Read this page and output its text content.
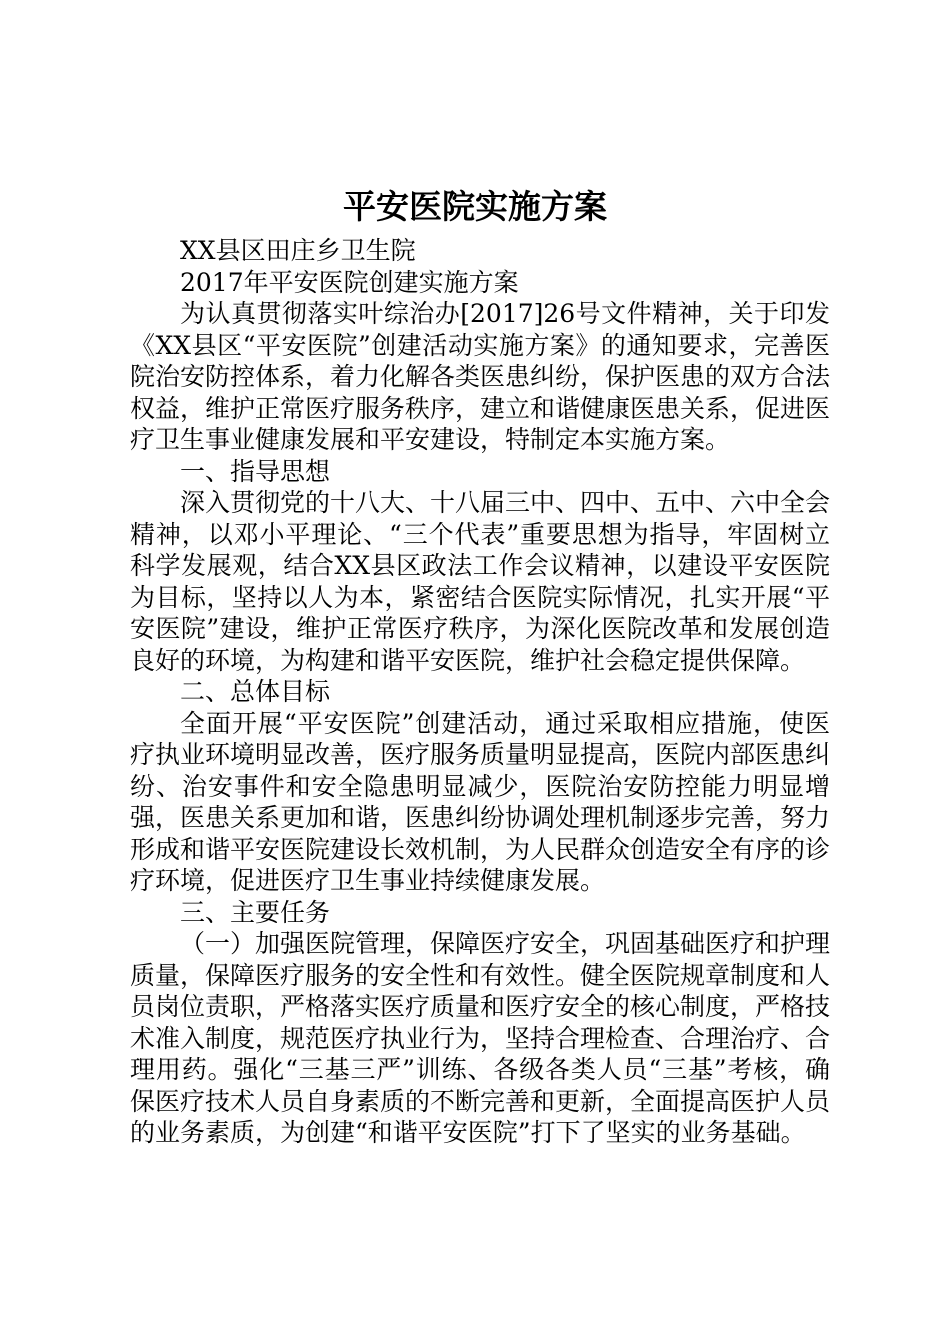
平安医院实施方案

XX县区田庄乡卫生院

2017年平安医院创建实施方案

为认真贯彻落实叶综治办[2017]26号文件精神，关于印发《XX县区“平安医院”创建活动实施方案》的通知要求，完善医院治安防控体系，着力化解各类医患纠纷，保护医患的双方合法权益，维护正常医疗服务秩序，建立和谐健康医患关系，促进医疗卫生事业健康发展和平安建设，特制定本实施方案。

一、指导思想

深入贯彻党的十八大、十八届三中、四中、五中、六中全会精神，以邓小平理论、“三个代表”重要思想为指导，牢固树立科学发展观，结合XX县区政法工作会议精神，以建设平安医院为目标，坚持以人为本，紧密结合医院实际情况，扎实开展“平安医院”建设，维护正常医疗秩序，为深化医院改革和发展创造良好的环境，为构建和谐平安医院，维护社会稳定提供保障。

二、总体目标

全面开展“平安医院”创建活动，通过采取相应措施，使医疗执业环境明显改善，医疗服务质量明显提高，医院内部医患纠纷、治安事件和安全隐患明显减少，医院治安防控能力明显增强，医患关系更加和谐，医患纠纷协调处理机制逐步完善，努力形成和谐平安医院建设长效机制，为人民群众创造安全有序的诊疗环境，促进医疗卫生事业持续健康发展。

三、主要任务

（一）加强医院管理，保障医疗安全，巩固基础医疗和护理质量，保障医疗服务的安全性和有效性。健全医院规章制度和人员岗位责职，严格落实医疗质量和医疗安全的核心制度，严格技术准入制度，规范医疗执业行为，坚持合理检查、合理治疗、合理用药。强化“三基三严”训练、各级各类人员“三基”考核，确保医疗技术人员自身素质的不断完善和更新，全面提高医护人员的业务素质，为创建“和谐平安医院”打下了坚实的业务基础。
